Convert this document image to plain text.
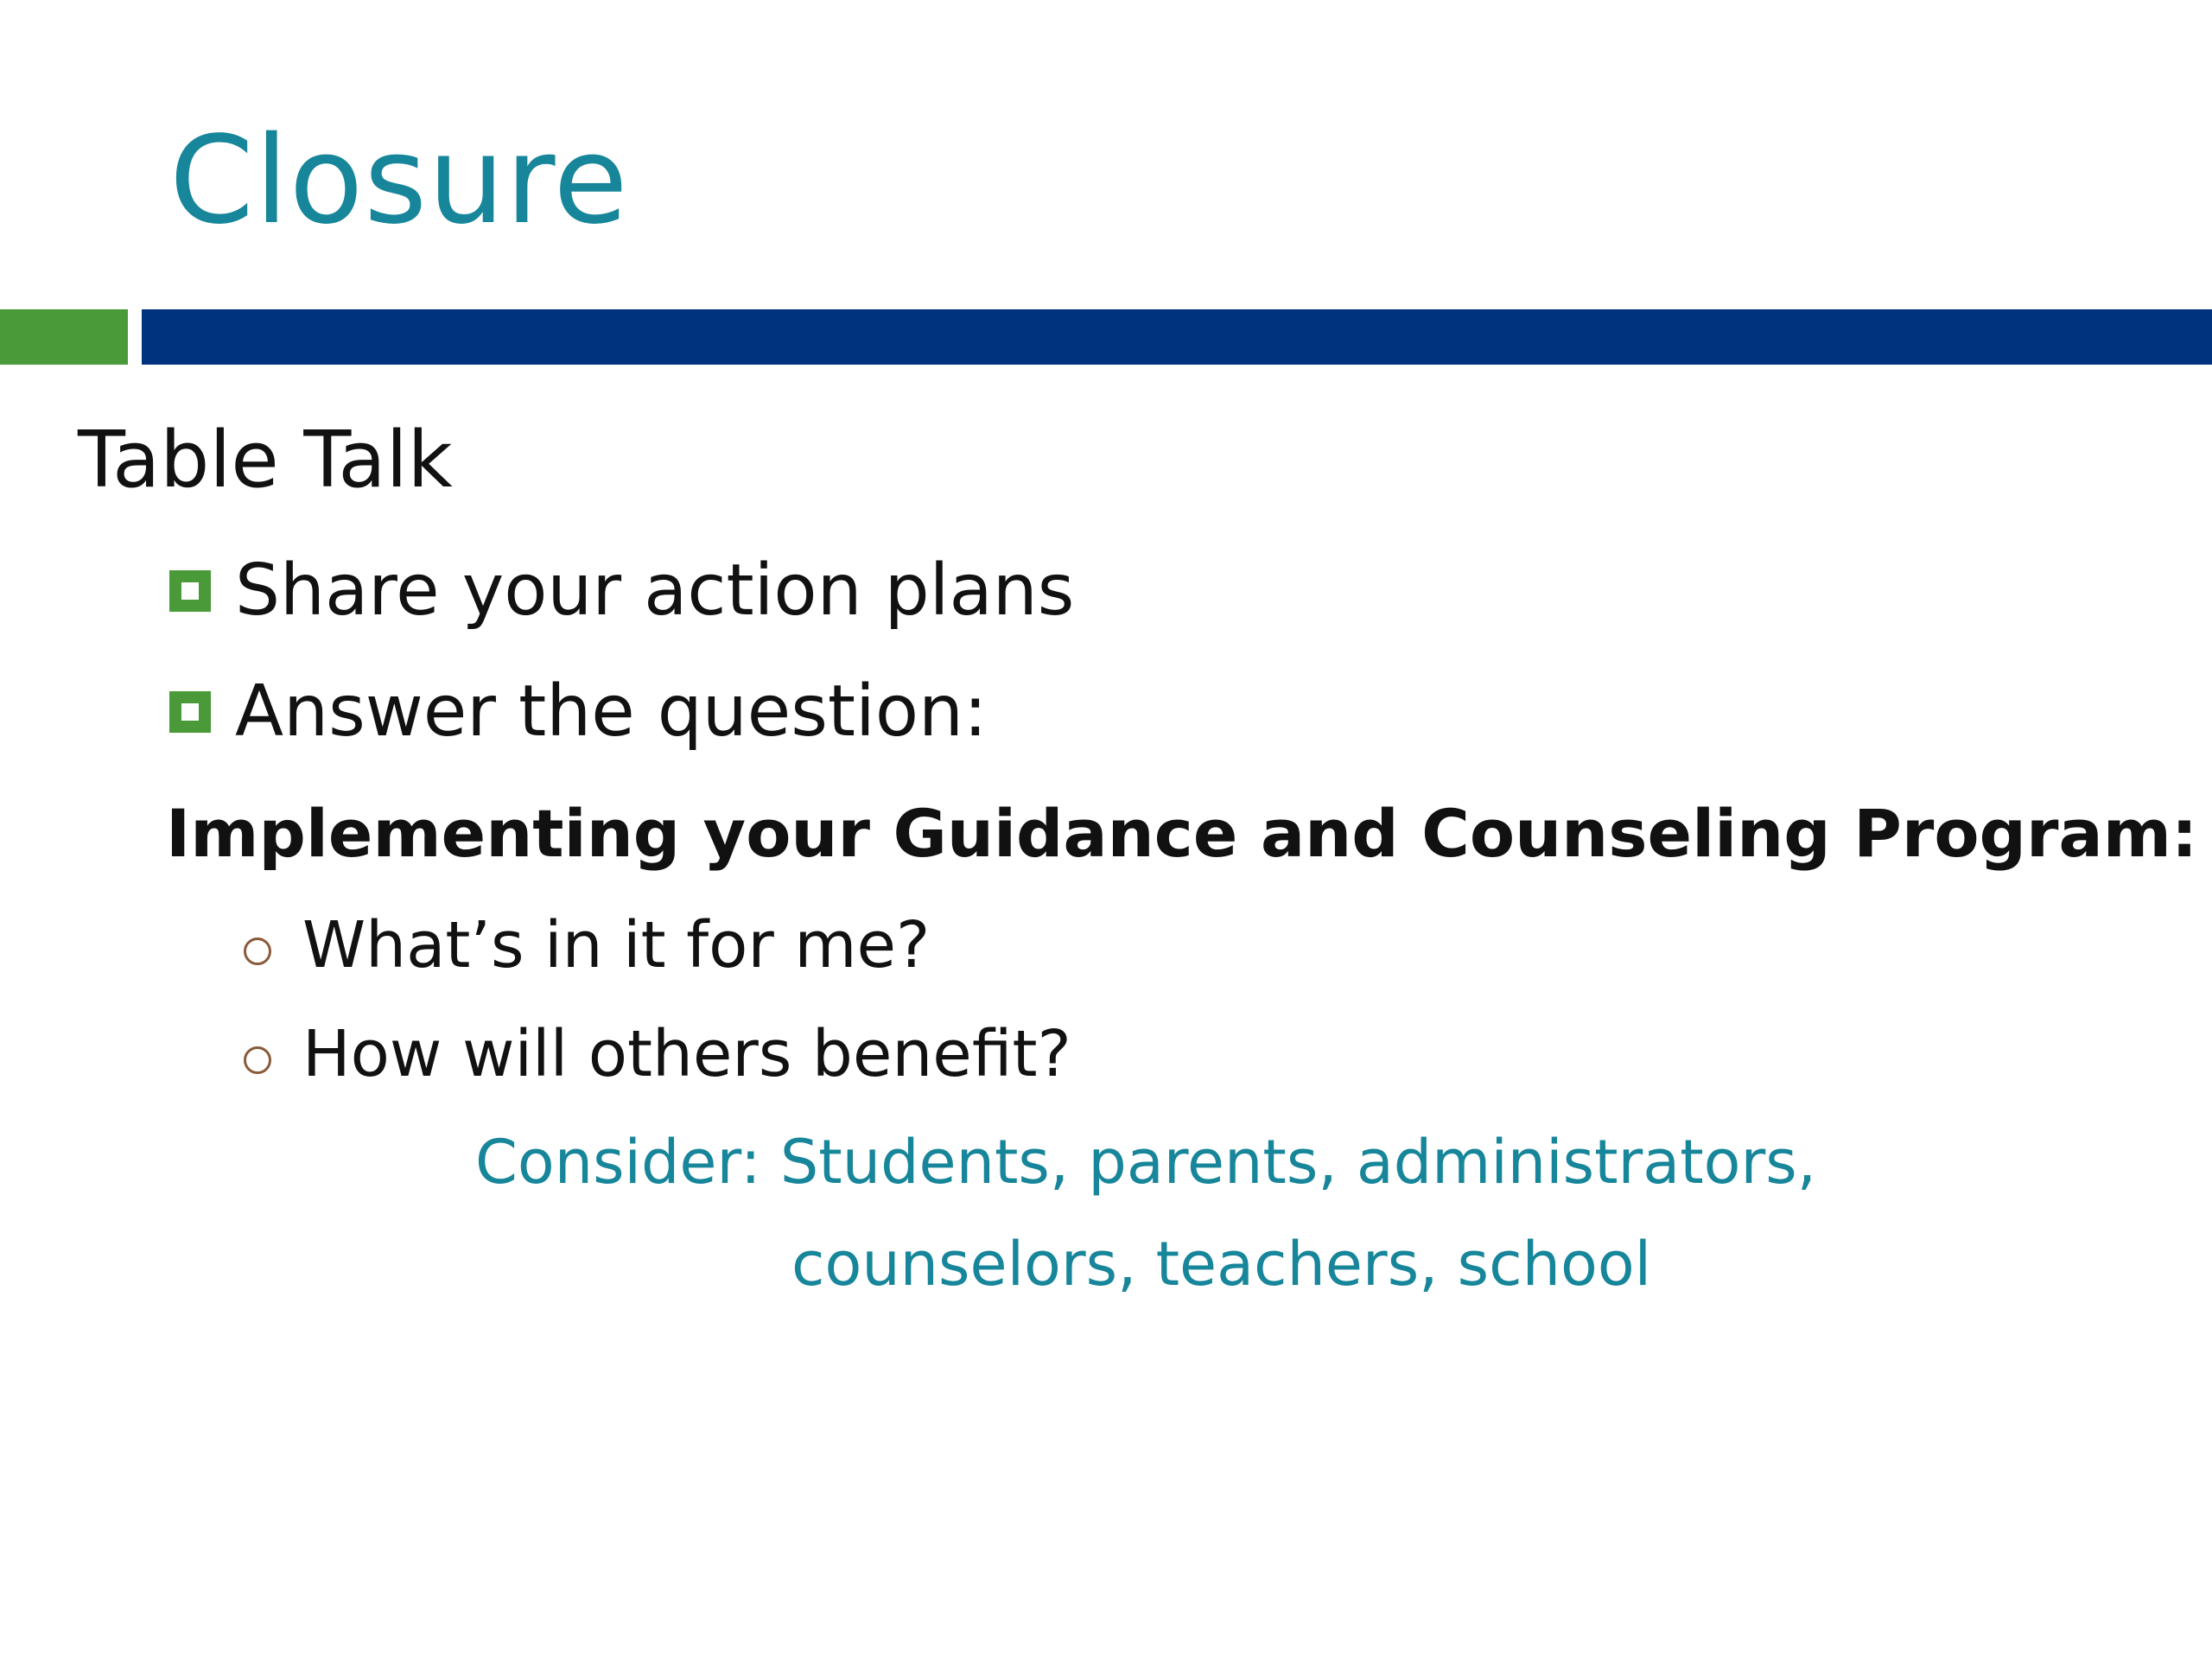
Closure
Table Talk
Share your action plans
Answer the question:
Implementing your Guidance and Counseling Program:
What’s in it for me?
How will others benefit?
Consider: Students, parents, administrators,
counselors, teachers, school
